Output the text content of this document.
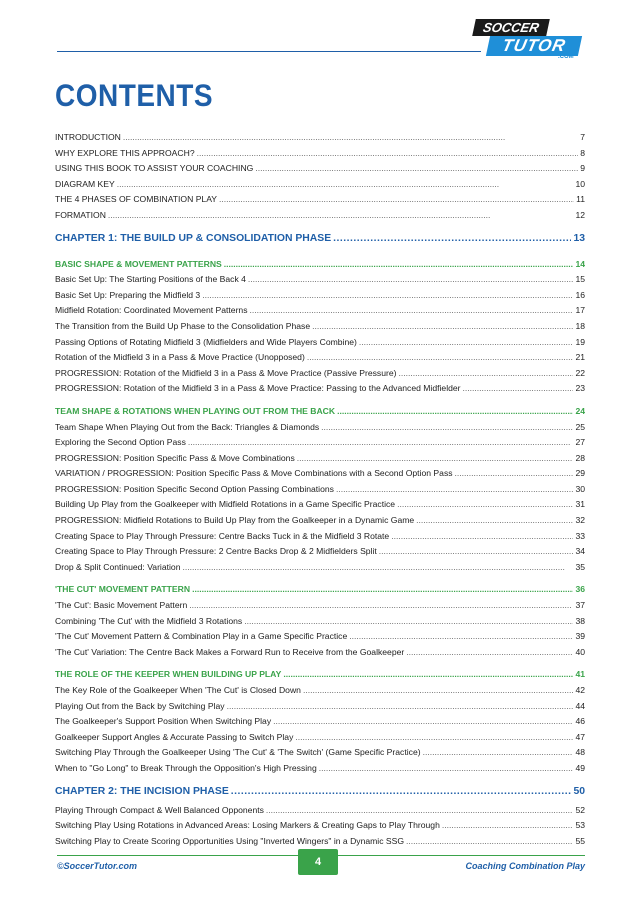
SOCCER
TUTOR
.COM
CONTENTS
INTRODUCTION . . .	7
WHY EXPLORE THIS APPROACH? . . .	8
USING THIS BOOK TO ASSIST YOUR COACHING . . .	9
DIAGRAM KEY . . .	10
THE 4 PHASES OF COMBINATION PLAY . . .	11
FORMATION . . .	12
CHAPTER 1: THE BUILD UP & CONSOLIDATION PHASE . . .	13
BASIC SHAPE & MOVEMENT PATTERNS . . .	14
Basic Set Up: The Starting Positions of the Back 4 . . .	15
Basic Set Up: Preparing the Midfield 3 . . .	16
Midfield Rotation: Coordinated Movement Patterns . . .	17
The Transition from the Build Up Phase to the Consolidation Phase . . .	18
Passing Options of Rotating Midfield 3 (Midfielders and Wide Players Combine) . . .	19
Rotation of the Midfield 3 in a Pass & Move Practice (Unopposed) . . .	21
PROGRESSION: Rotation of the Midfield 3 in a Pass & Move Practice (Passive Pressure) . . .	22
PROGRESSION: Rotation of the Midfield 3 in a Pass & Move Practice: Passing to the Advanced Midfielder . . .	23
TEAM SHAPE & ROTATIONS WHEN PLAYING OUT FROM THE BACK . . .	24
Team Shape When Playing Out from the Back: Triangles & Diamonds . . .	25
Exploring the Second Option Pass . . .	27
PROGRESSION: Position Specific Pass & Move Combinations . . .	28
VARIATION / PROGRESSION: Position Specific Pass & Move Combinations with a Second Option Pass . . .	29
PROGRESSION: Position Specific Second Option Passing Combinations . . .	30
Building Up Play from the Goalkeeper with Midfield Rotations in a Game Specific Practice . . .	31
PROGRESSION: Midfield Rotations to Build Up Play from the Goalkeeper in a Dynamic Game . . .	32
Creating Space to Play Through Pressure: Centre Backs Tuck in & the Midfield 3 Rotate . . .	33
Creating Space to Play Through Pressure: 2 Centre Backs Drop & 2 Midfielders Split . . .	34
Drop & Split Continued: Variation . . .	35
'THE CUT' MOVEMENT PATTERN . . .	36
'The Cut': Basic Movement Pattern . . .	37
Combining 'The Cut' with the Midfield 3 Rotations . . .	38
'The Cut' Movement Pattern & Combination Play in a Game Specific Practice . . .	39
'The Cut' Variation: The Centre Back Makes a Forward Run to Receive from the Goalkeeper . . .	40
THE ROLE OF THE KEEPER WHEN BUILDING UP PLAY . . .	41
The Key Role of the Goalkeeper When 'The Cut' is Closed Down . . .	42
Playing Out from the Back by Switching Play . . .	44
The Goalkeeper's Support Position When Switching Play . . .	46
Goalkeeper Support Angles & Accurate Passing to Switch Play . . .	47
Switching Play Through the Goalkeeper Using 'The Cut' & 'The Switch' (Game Specific Practice) . . .	48
When to "Go Long" to Break Through the Opposition's High Pressing . . .	49
CHAPTER 2: THE INCISION PHASE . . .	50
Playing Through Compact & Well Balanced Opponents . . .	52
Switching Play Using Rotations in Advanced Areas: Losing Markers & Creating Gaps to Play Through . . .	53
Switching Play to Create Scoring Opportunities Using "Inverted Wingers" in a Dynamic SSG . . .	55
4
©SoccerTutor.com	Coaching Combination Play
